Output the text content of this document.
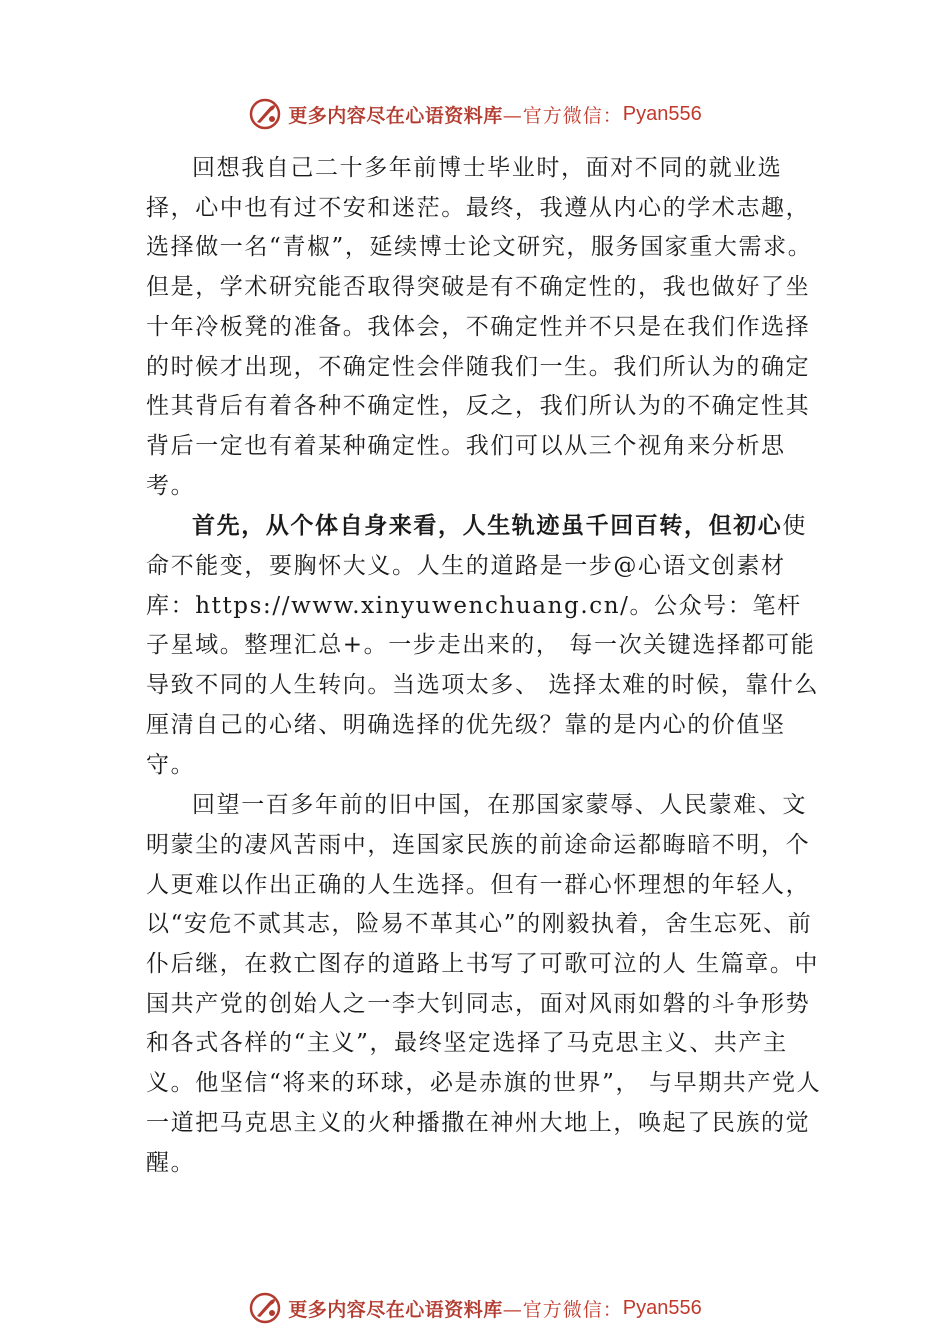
更多内容尽在心语资料库 —官方微信： Pyan556

回想我自己二十多年前博士毕业时，面对不同的就业选择，心中也有过不安和迷茫。最终，我遵从内心的学术志趣，选择做一名“青椒”，延续博士论文研究，服务国家重大需求。但是，学术研究能否取得突破是有不确定性的，我也做好了坐十年冷板凳的准备。我体会，不确定性并不只是在我们作选择的时候才出现，不确定性会伴随我们一生。我们所认为的确定性其背后有着各种不确定性，反之，我们所认为的不确定性其背后一定也有着某种确定性。我们可以从三个视角来分析思考。

首先，从个体自身来看，人生轨迹虽千回百转，但初心使命不能变，要胸怀大义。人生的道路是一步@心语文创素材库：https://www.xinyuwenchuang.cn/。公众号：笔杆子星域。整理汇总+。一步走出来的， 每一次关键选择都可能导致不同的人生转向。当选项太多、 选择太难的时候，靠什么厘清自己的心绪、明确选择的优先级？靠的是内心的价值坚守。

回望一百多年前的旧中国，在那国家蒙辱、人民蒙难、文明蒙尘的凄风苦雨中，连国家民族的前途命运都晦暗不明，个人更难以作出正确的人生选择。但有一群心怀理想的年轻人，以“安危不贰其志，险易不革其心”的刚毅执着，舍生忘死、前仆后继，在救亡图存的道路上书写了可歌可泣的人 生篇章。中国共产党的创始人之一李大钊同志，面对风雨如磐的斗争形势和各式各样的“主义”，最终坚定选择了马克思主义、共产主义。他坚信“将来的环球，必是赤旗的世界”， 与早期共产党人一道把马克思主义的火种播撒在神州大地上，唤起了民族的觉醒。

更多内容尽在心语资料库 —官方微信： Pyan556
